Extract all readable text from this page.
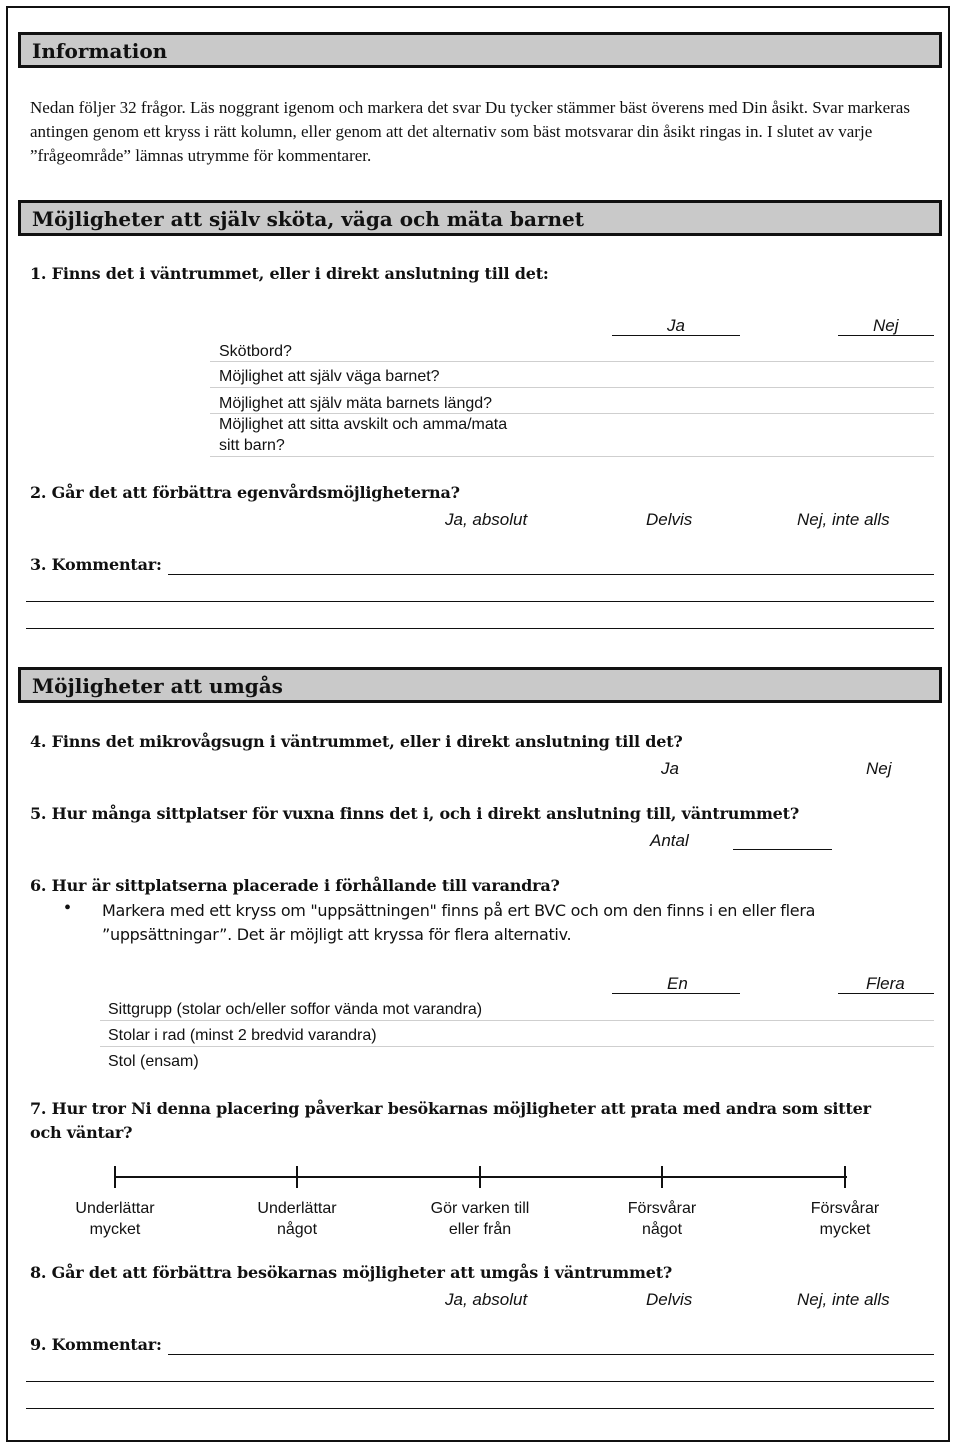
Information
Nedan följer 32 frågor. Läs noggrant igenom och markera det svar Du tycker stämmer bäst överens med Din åsikt. Svar markeras antingen genom ett kryss i rätt kolumn, eller genom att det alternativ som bäst motsvarar din åsikt ringas in. I slutet av varje ”frågeområde” lämnas utrymme för kommentarer.
Möjligheter att själv sköta, väga och mäta barnet
1. Finns det i väntrummet, eller i direkt anslutning till det:
Ja	Nej
Skötbord?
Möjlighet att själv väga barnet?
Möjlighet att själv mäta barnets längd?
Möjlighet att sitta avskilt och amma/mata
sitt barn?
2. Går det att förbättra egenvårdsmöjligheterna?
Ja, absolut	Delvis	Nej, inte alls
3. Kommentar:
Möjligheter att umgås
4. Finns det mikrovågsugn i väntrummet, eller i direkt anslutning till det?
Ja	Nej
5. Hur många sittplatser för vuxna finns det i, och i direkt anslutning till, väntrummet?
Antal
6. Hur är sittplatserna placerade i förhållande till varandra?
• Markera med ett kryss om "uppsättningen" finns på ert BVC och om den finns i en eller flera
”uppsättningar”. Det är möjligt att kryssa för flera alternativ.
En	Flera
Sittgrupp (stolar och/eller soffor vända mot varandra)
Stolar i rad (minst 2 bredvid varandra)
Stol (ensam)
7. Hur tror Ni denna placering påverkar besökarnas möjligheter att prata med andra som sitter
och väntar?
Underlättar
mycket
Underlättar
något
Gör varken till
eller från
Försvårar
något
Försvårar
mycket
8. Går det att förbättra besökarnas möjligheter att umgås i väntrummet?
Ja, absolut	Delvis	Nej, inte alls
9. Kommentar:
